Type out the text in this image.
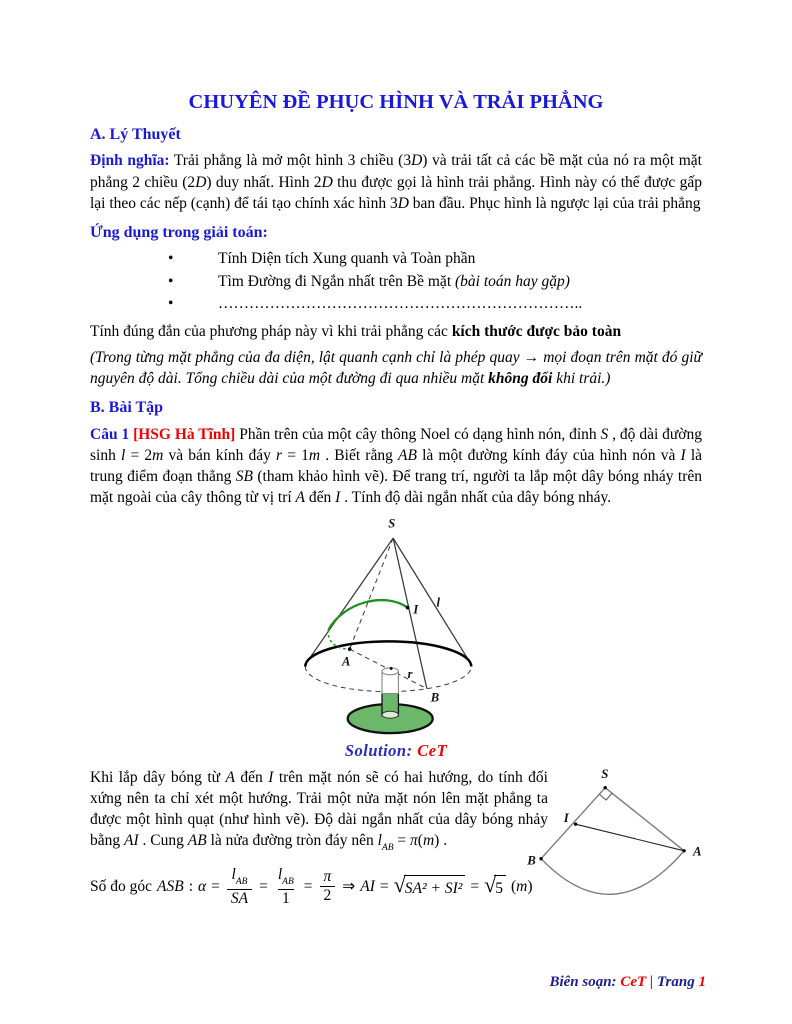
CHUYÊN ĐỀ PHỤC HÌNH VÀ TRẢI PHẲNG
A. Lý Thuyết

Định nghĩa: Trải phẳng là mở một hình 3 chiều (3D) và trải tất cả các bề mặt của nó ra một mặt phẳng 2 chiều (2D) duy nhất. Hình 2D thu được gọi là hình trải phẳng. Hình này có thể được gấp lại theo các nếp (cạnh) để tái tạo chính xác hình 3D ban đầu. Phục hình là ngược lại của trải phẳng

Ứng dụng trong giải toán:
•	Tính Diện tích Xung quanh và Toàn phần
•	Tìm Đường đi Ngắn nhất trên Bề mặt (bài toán hay gặp)
•	……………………………………………………………..

Tính đúng đắn của phương pháp này vì khi trải phẳng các kích thước được bảo toàn

(Trong từng mặt phẳng của đa diện, lật quanh cạnh chỉ là phép quay → mọi đoạn trên mặt đó giữ nguyên độ dài. Tổng chiều dài của một đường đi qua nhiều mặt không đổi khi trải.)

B. Bài Tập

Câu 1 [HSG Hà Tĩnh] Phần trên của một cây thông Noel có dạng hình nón, đỉnh S , độ dài đường sinh l = 2m và bán kính đáy r = 1m . Biết rằng AB là một đường kính đáy của hình nón và I là trung điểm đoạn thẳng SB (tham khảo hình vẽ). Để trang trí, người ta lắp một dây bóng nháy trên mặt ngoài của cây thông từ vị trí A đến I . Tính độ dài ngắn nhất của dây bóng nháy.

S
l
I
A
r
B
Solution: CeT
S
I
B
A

Khi lắp dây bóng từ A đến I trên mặt nón sẽ có hai hướng, do tính đối xứng nên ta chỉ xét một hướng. Trải một nửa mặt nón lên mặt phẳng ta được một hình quạt (như hình vẽ). Độ dài ngắn nhất của dây bóng nhảy bằng AI . Cung AB là nửa đường tròn đáy nên $l_{AB} = \pi(m)$ .

Số đo góc ASB : $\alpha = \frac{l_{AB}}{SA} = \frac{l_{AB}}{1} = \frac{\pi}{2}$ ⇒ AI = √ SA² + SI² = √ 5 (m)
Biên soạn: CeT | Trang 1
